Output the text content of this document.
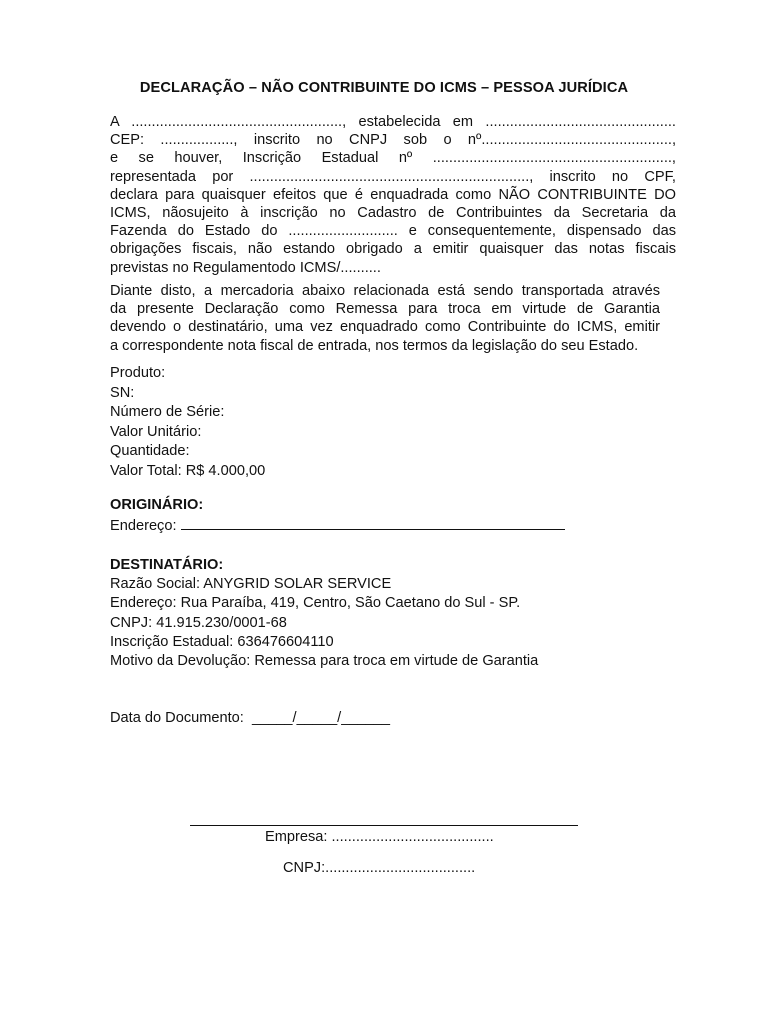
DECLARAÇÃO – NÃO CONTRIBUINTE DO ICMS – PESSOA JURÍDICA
A ...................................................., estabelecida em ...............................................
CEP: .................., inscrito no CNPJ sob o nº...............................................,
e se houver, Inscrição Estadual nº ...........................................................,
representada por ....................................................................., inscrito no CPF,
declara para quaisquer efeitos que é enquadrada como NÃO CONTRIBUINTE DO
ICMS, nãosujeito à inscrição no Cadastro de Contribuintes da Secretaria da
Fazenda do Estado do ........................... e consequentemente, dispensado das
obrigações fiscais, não estando obrigado a emitir quaisquer das notas fiscais
previstas no Regulamentodo ICMS/..........
Diante disto, a mercadoria abaixo relacionada está sendo transportada através
da presente Declaração como Remessa para troca em virtude de Garantia
devendo o destinatário, uma vez enquadrado como Contribuinte do ICMS, emitir
a correspondente nota fiscal de entrada, nos termos da legislação do seu Estado.
Produto:
SN:
Número de Série:
Valor Unitário:
Quantidade:
Valor Total: R$ 4.000,00
ORIGINÁRIO:
Endereço:
DESTINATÁRIO:
Razão Social: ANYGRID SOLAR SERVICE
Endereço: Rua Paraíba, 419, Centro, São Caetano do Sul - SP.
CNPJ: 41.915.230/0001-68
Inscrição Estadual: 636476604110
Motivo da Devolução: Remessa para troca em virtude de Garantia
Data do Documento:  _____/_____/______

Empresa: ........................................

CNPJ:.....................................
